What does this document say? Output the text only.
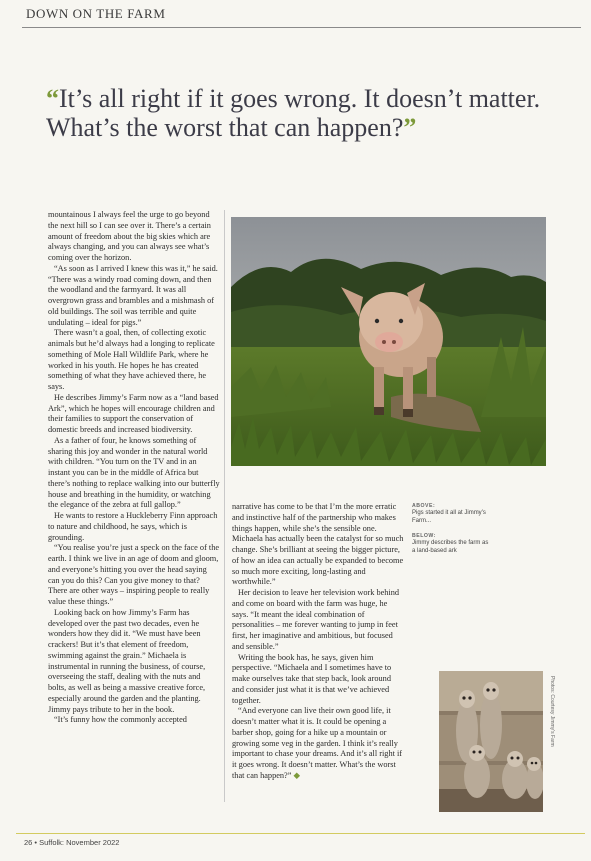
DOWN ON THE FARM

“It’s all right if it goes wrong. It doesn’t matter. What’s the worst that can happen?”

mountainous I always feel the urge to go beyond the next hill so I can see over it. There’s a certain amount of freedom about the big skies which are always changing, and you can always see what’s coming over the horizon.

“As soon as I arrived I knew this was it,” he said. “There was a windy road coming down, and then the woodland and the farmyard. It was all overgrown grass and brambles and a mishmash of old buildings. The soil was terrible and quite undulating – ideal for pigs.”

There wasn’t a goal, then, of collecting exotic animals but he’d always had a longing to replicate something of Mole Hall Wildlife Park, where he worked in his youth. He hopes he has created something of what they have achieved there, he says.

He describes Jimmy’s Farm now as a “land based Ark”, which he hopes will encourage children and their families to support the conservation of domestic breeds and increased biodiversity.

As a father of four, he knows something of sharing this joy and wonder in the natural world with children. “You turn on the TV and in an instant you can be in the middle of Africa but there’s nothing to replace walking into our butterfly house and breathing in the humidity, or watching the elegance of the zebra at full gallop.”

He wants to restore a Huckleberry Finn approach to nature and childhood, he says, which is grounding.

“You realise you’re just a speck on the face of the earth. I think we live in an age of doom and gloom, and everyone’s hitting you over the head saying can you do this? Can you give money to that? There are other ways – inspiring people to really value these things.”

Looking back on how Jimmy’s Farm has developed over the past two decades, even he wonders how they did it. “We must have been crackers! But it’s that element of freedom, swimming against the grain.” Michaela is instrumental in running the business, of course, overseeing the staff, dealing with the nuts and bolts, as well as being a massive creative force, especially around the garden and the planting. Jimmy pays tribute to her in the book.

“It’s funny how the commonly accepted

narrative has come to be that I’m the more erratic and instinctive half of the partnership who makes things happen, while she’s the sensible one. Michaela has actually been the catalyst for so much change. She’s brilliant at seeing the bigger picture, of how an idea can actually be expanded to become so much more exciting, long-lasting and worthwhile.”

Her decision to leave her television work behind and come on board with the farm was huge, he says. “It meant the ideal combination of personalities – me forever wanting to jump in feet first, her imaginative and ambitious, but focused and sensible.”

Writing the book has, he says, given him perspective. “Michaela and I sometimes have to make ourselves take that step back, look around and consider just what it is that we’ve achieved together.

“And everyone can live their own good life, it doesn’t matter what it is. It could be opening a barber shop, going for a hike up a mountain or growing some veg in the garden. I think it’s really important to chase your dreams. And it’s all right if it goes wrong. It doesn’t matter. What’s the worst that can happen?” ◆

ABOVE:

Pigs started it all at Jimmy’s Farm...

BELOW:

Jimmy describes the farm as a land-based ark

Photos: Courtesy Jimmy's Farm
26 • Suffolk: November 2022
